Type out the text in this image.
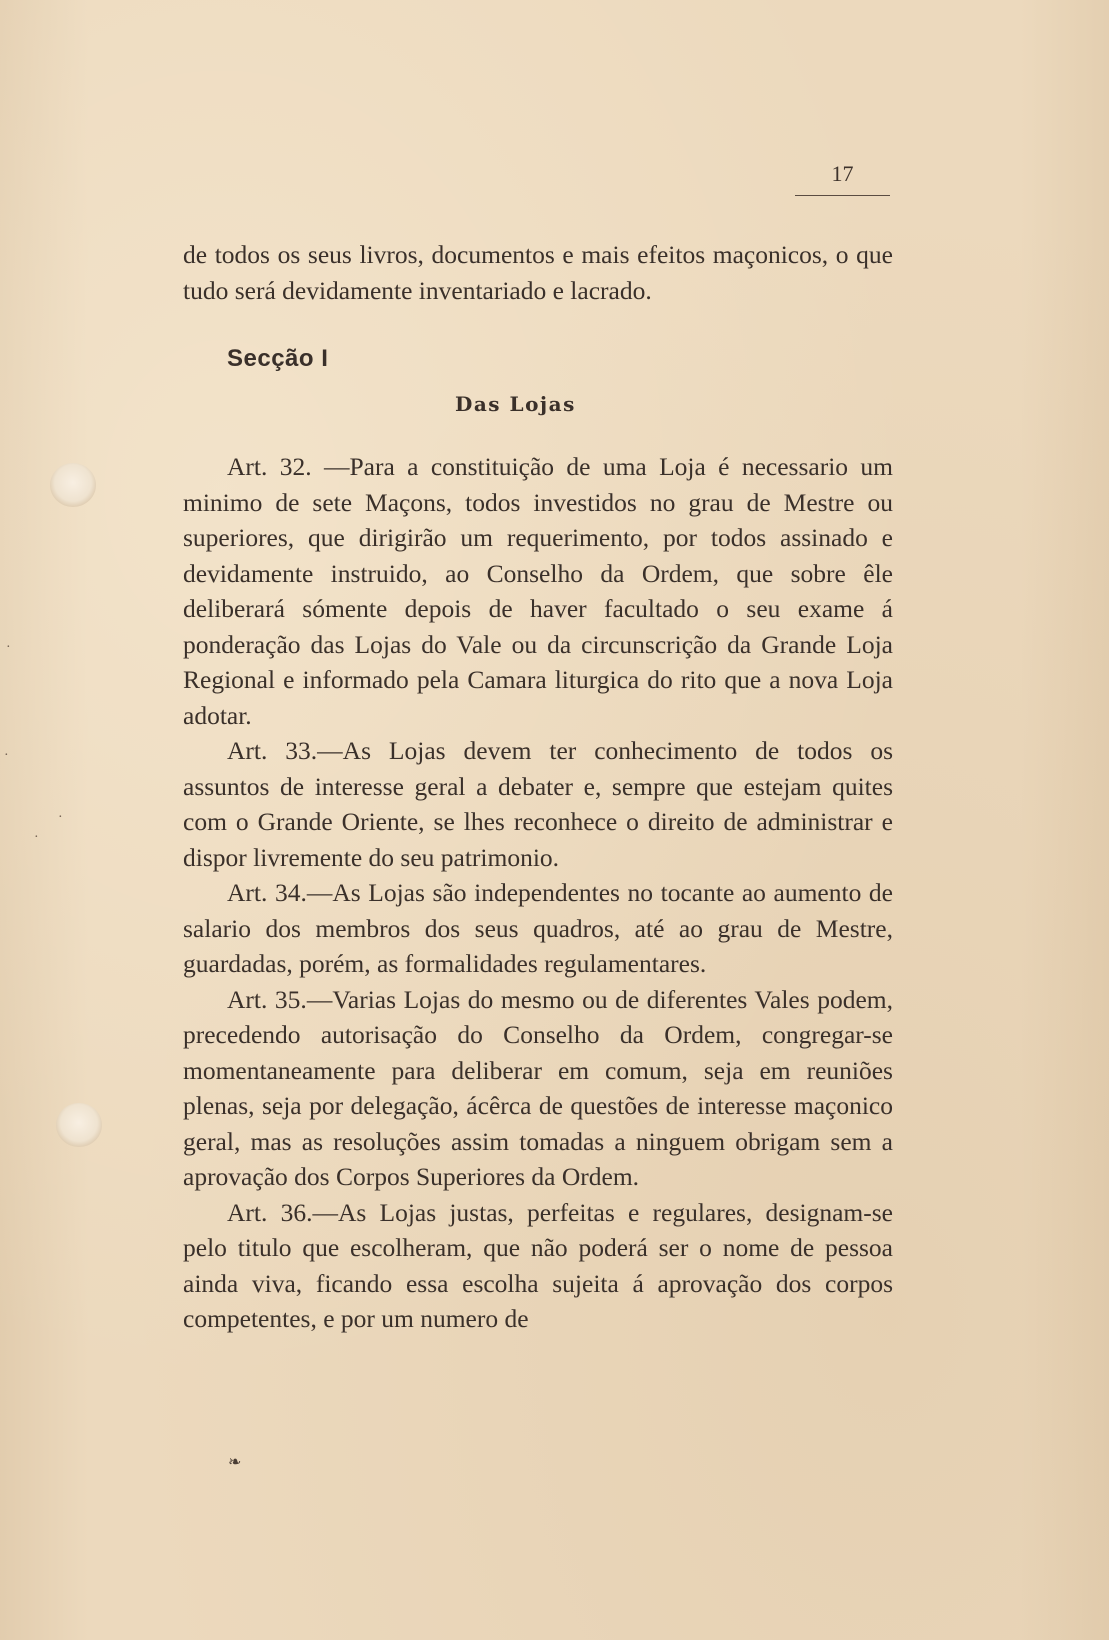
·
·
·
·
17

de todos os seus livros, documentos e mais efeitos maçonicos, o que tudo será devidamente inventariado e lacrado.

Secção I
Das Lojas

Art. 32. —Para a constituição de uma Loja é necessario um minimo de sete Maçons, todos investidos no grau de Mestre ou superiores, que dirigirão um requerimento, por todos assinado e devidamente instruido, ao Conselho da Ordem, que sobre êle deliberará sómente depois de haver facultado o seu exame á ponderação das Lojas do Vale ou da circunscrição da Grande Loja Regional e informado pela Camara liturgica do rito que a nova Loja adotar.

Art. 33.—As Lojas devem ter conhecimento de todos os assuntos de interesse geral a debater e, sempre que estejam quites com o Grande Oriente, se lhes reconhece o direito de administrar e dispor livremente do seu patrimonio.

Art. 34.—As Lojas são independentes no tocante ao aumento de salario dos membros dos seus quadros, até ao grau de Mestre, guardadas, porém, as formalidades regulamentares.

Art. 35.—Varias Lojas do mesmo ou de diferentes Vales podem, precedendo autorisação do Conselho da Ordem, congregar-se momentaneamente para deliberar em comum, seja em reuniões plenas, seja por delegação, ácêrca de questões de interesse maçonico geral, mas as resoluções assim tomadas a ninguem obrigam sem a aprovação dos Corpos Superiores da Ordem.

Art. 36.—As Lojas justas, perfeitas e regulares, designam-se pelo titulo que escolheram, que não poderá ser o nome de pessoa ainda viva, ficando essa escolha sujeita á aprovação dos corpos competentes, e por um numero de

❧
